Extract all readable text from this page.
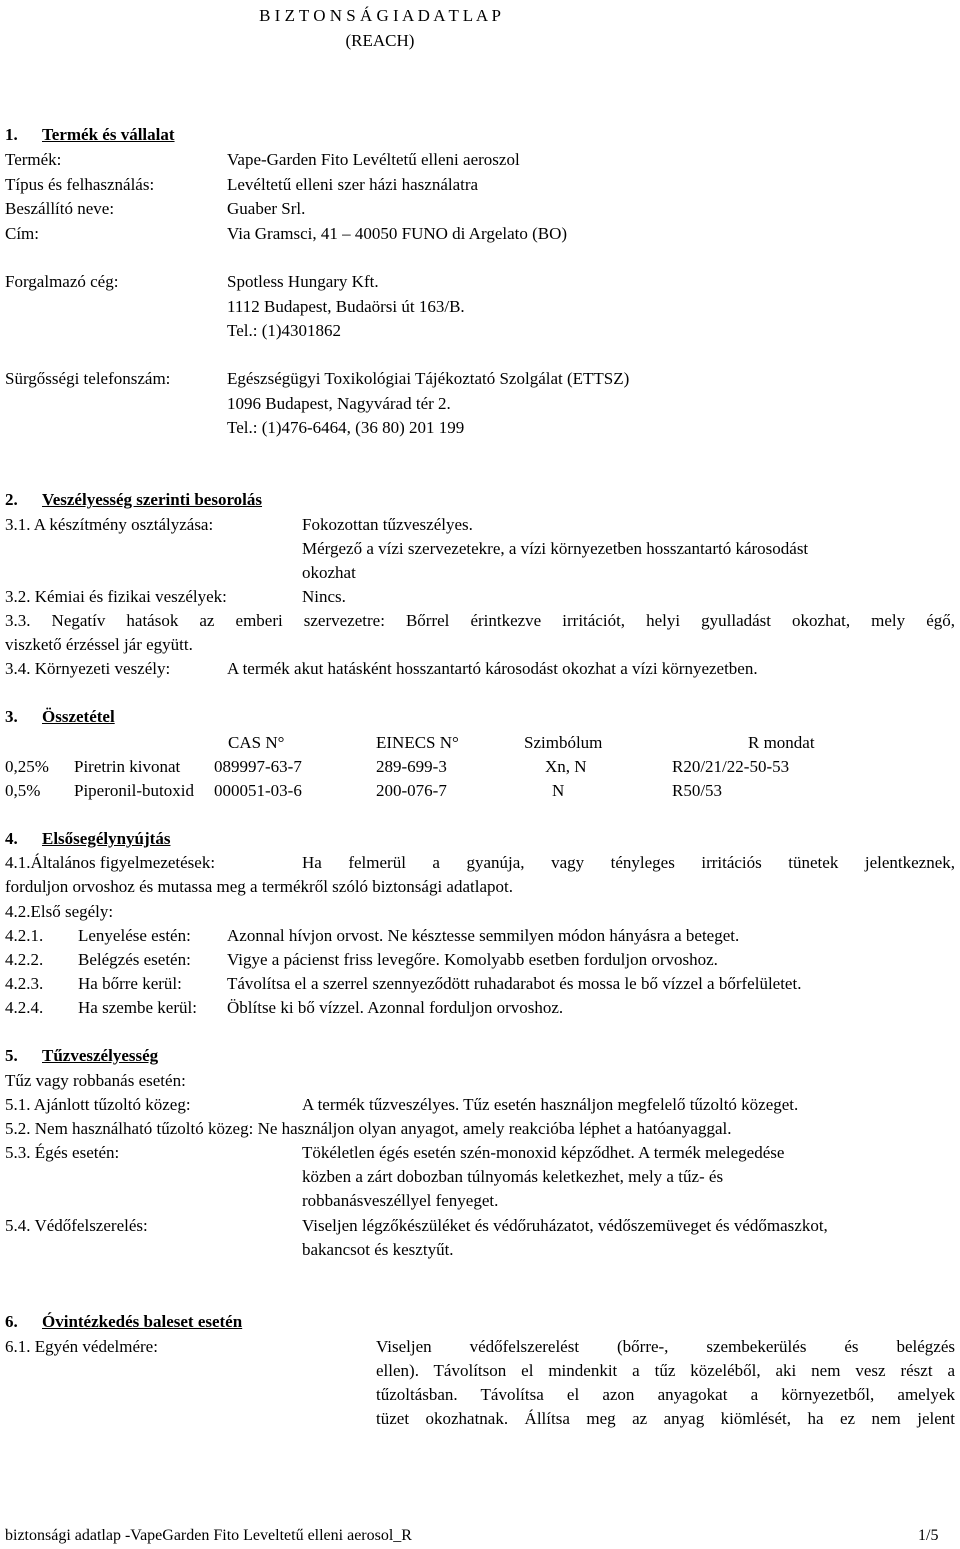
B I Z T O N S Á G I A D A T L A P
(REACH)
1. Termék és vállalat
Termék:	Vape-Garden Fito Levéltetű elleni aeroszol
Típus és felhasználás:	Levéltetű elleni szer házi használatra
Beszállító neve:	Guaber Srl.
Cím:	Via Gramsci, 41 – 40050 FUNO di Argelato (BO)
Forgalmazó cég:	Spotless Hungary Kft.
1112 Budapest, Budaörsi út 163/B.
Tel.: (1)4301862
Sürgősségi telefonszám:	Egészségügyi Toxikológiai Tájékoztató Szolgálat (ETTSZ)
1096 Budapest, Nagyvárad tér 2.
Tel.: (1)476-6464, (36 80) 201 199
2. Veszélyesség szerinti besorolás
3.1. A készítmény osztályzása:	Fokozottan tűzveszélyes.
Mérgező a vízi szervezetekre, a vízi környezetben hosszantartó károsodást
okozhat
3.2. Kémiai és fizikai veszélyek:	Nincs.
3.3. Negatív hatások az emberi szervezetre: Bőrrel érintkezve irritációt, helyi gyulladást okozhat, mely égő,
viszkető érzéssel jár együtt.
3.4. Környezeti veszély:	A termék akut hatásként hosszantartó károsodást okozhat a vízi környezetben.
3. Összetétel
CAS N°	EINECS N°	Szimbólum	R mondat
0,25% Piretrin kivonat 089997-63-7	289-699-3	Xn, N	R20/21/22-50-53
0,5% Piperonil-butoxid 000051-03-6	200-076-7	N	R50/53
4. Elsősegélynyújtás
4.1.Általános figyelmezetések:	Ha felmerül a gyanúja, vagy tényleges irritációs tünetek jelentkeznek,
forduljon orvoshoz és mutassa meg a termékről szóló biztonsági adatlapot.
4.2.Első segély:
4.2.1. Lenyelése estén: Azonnal hívjon orvost. Ne késztesse semmilyen módon hányásra a beteget.
4.2.2. Belégzés esetén: Vigye a pácienst friss levegőre. Komolyabb esetben forduljon orvoshoz.
4.2.3. Ha bőrre kerül:	Távolítsa el a szerrel szennyeződött ruhadarabot és mossa le bő vízzel a bőrfelületet.
4.2.4. Ha szembe kerül: Öblítse ki bő vízzel. Azonnal forduljon orvoshoz.
5. Tűzveszélyesség
Tűz vagy robbanás esetén:
5.1. Ajánlott tűzoltó közeg:	A termék tűzveszélyes. Tűz esetén használjon megfelelő tűzoltó közeget.
5.2. Nem használható tűzoltó közeg: Ne használjon olyan anyagot, amely reakcióba léphet a hatóanyaggal.
5.3. Égés esetén:	Tökéletlen égés esetén szén-monoxid képződhet. A termék melegedése
közben a zárt dobozban túlnyomás keletkezhet, mely a tűz- és
robbanásveszéllyel fenyeget.
5.4. Védőfelszerelés:	Viseljen légzőkészüléket és védőruházatot, védőszemüveget és védőmaszkot,
bakancsot és kesztyűt.
6. Óvintézkedés baleset esetén
6.1. Egyén védelmére:	Viseljen védőfelszerelést (bőrre-, szembekerülés és belégzés
ellen). Távolítson el mindenkit a tűz közeléből, aki nem vesz részt a
tűzoltásban. Távolítsa el azon anyagokat a környezetből, amelyek
tüzet okozhatnak. Állítsa meg az anyag kiömlését, ha ez nem jelent
biztonsági adatlap -VapeGarden Fito Leveltetű elleni aerosol_R	1/5
